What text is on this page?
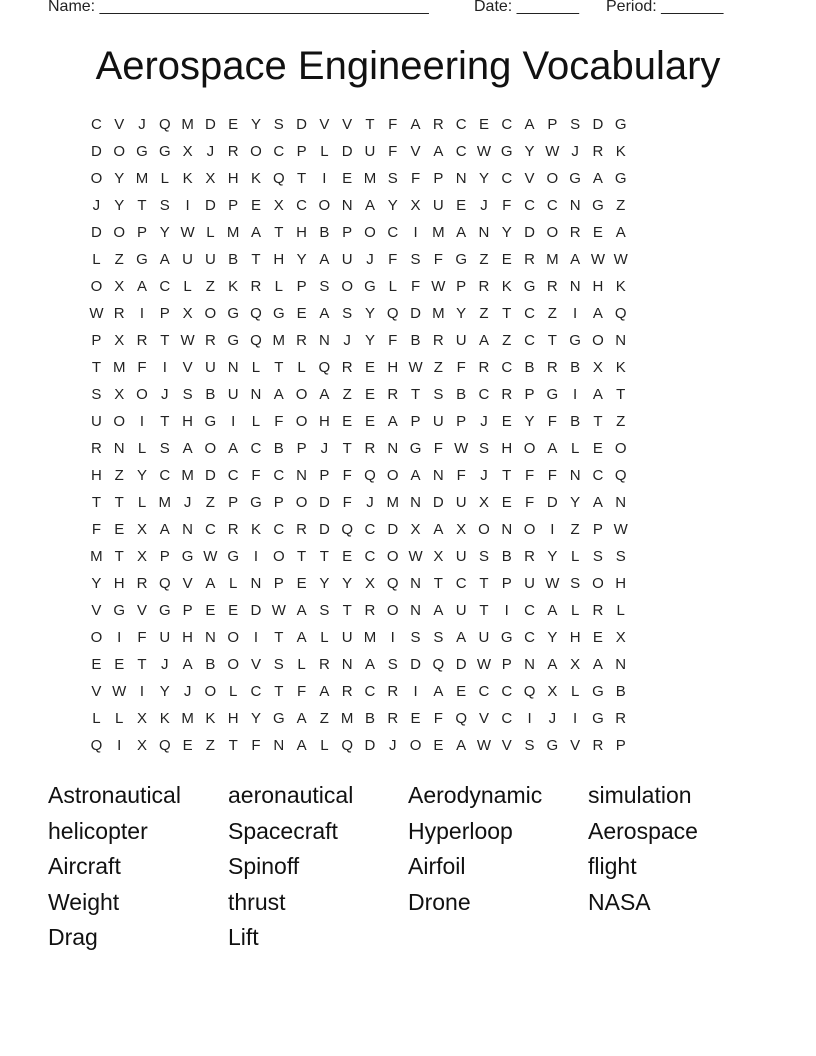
Name: _____________________________________	Date: _______ Period: _______
Aerospace Engineering Vocabulary
C V J Q M D E Y S D V V T F A R C E C A P S D G
D O G G X J R O C P L D U F V A C W G Y W J R K
O Y M L K X H K Q T	I	E M S F P N Y C V O G A G
J Y T S	I	D P E X C O N A Y X U E J F C C N G Z
D O P Y W L M A T H B P O C	I M A N Y D O R E A
L Z G A U U B T H Y A U J F S F G Z E R M A W W
O X A C L Z K R L P S O G L F W P R K G R N H K
W R	I	P X O G Q G E A S Y Q D M Y Z T C Z	I	A Q
P X R T W R G Q M R N J Y F B R U A Z C T G O N
T M F	I	V U N L T L Q R E H W Z F R C B R B X K
S X O J S B U N A O A Z E R T S B C R P G I	A T
U O I	T H G I	L F O H E E A P U P J E Y F B T Z
R N L S A O A C B P J T R N G F W S H O A L E O
H Z Y C M D C F C N P F Q O A N F J T F F N C Q
T T L M J Z P G P O D F J M N D U X E F D Y A N
F E X A N C R K C R D Q C D X A X O N O I	Z P W
M T X P G W G I O T T E C O W X U S B R Y L S S
Y H R Q V A L N P E Y Y X Q N T C T P U W S O H
V G V G P E E D W A S T R O N A U T	I	C A L R L
O I	F U H N O I	T A L U M I	S S A U G C Y H E X
E E T J A B O V S L R N A S D Q D W P N A X A N
V W I	Y J O L C T F A R C R	I	A E C C Q X L G B
L L X K M K H Y G A Z M B R E F Q V C	I	J	I G R
Q I	X Q E Z T F N A L Q D J O E A W V S G V R P
Astronautical aeronautical Aerodynamic simulation
helicopter	Spacecraft	Hyperloop	Aerospace
Aircraft	Spinoff	Airfoil	flight
Weight	thrust	Drone	NASA
Drag	Lift
